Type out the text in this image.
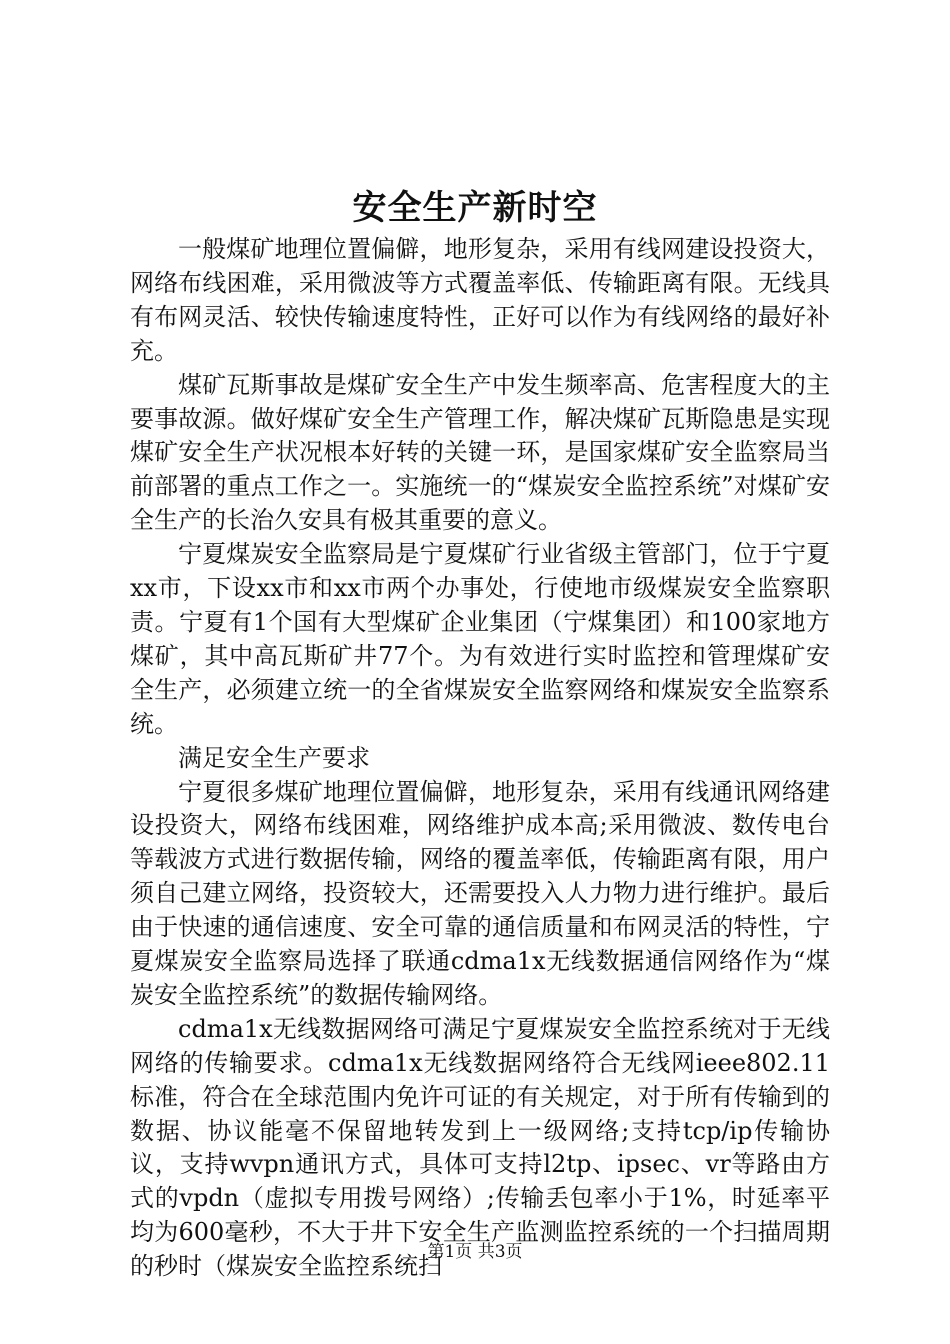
安全生产新时空

一般煤矿地理位置偏僻，地形复杂，采用有线网建设投资大，网络布线困难，采用微波等方式覆盖率低、传输距离有限。无线具有布网灵活、较快传输速度特性，正好可以作为有线网络的最好补充。

煤矿瓦斯事故是煤矿安全生产中发生频率高、危害程度大的主要事故源。做好煤矿安全生产管理工作，解决煤矿瓦斯隐患是实现煤矿安全生产状况根本好转的关键一环，是国家煤矿安全监察局当前部署的重点工作之一。实施统一的“煤炭安全监控系统”对煤矿安全生产的长治久安具有极其重要的意义。

宁夏煤炭安全监察局是宁夏煤矿行业省级主管部门，位于宁夏xx市，下设xx市和xx市两个办事处，行使地市级煤炭安全监察职责。宁夏有1个国有大型煤矿企业集团（宁煤集团）和100家地方煤矿，其中高瓦斯矿井77个。为有效进行实时监控和管理煤矿安全生产，必须建立统一的全省煤炭安全监察网络和煤炭安全监察系统。

满足安全生产要求

宁夏很多煤矿地理位置偏僻，地形复杂，采用有线通讯网络建设投资大，网络布线困难，网络维护成本高;采用微波、数传电台等载波方式进行数据传输，网络的覆盖率低，传输距离有限，用户须自己建立网络，投资较大，还需要投入人力物力进行维护。最后由于快速的通信速度、安全可靠的通信质量和布网灵活的特性，宁夏煤炭安全监察局选择了联通cdma1x无线数据通信网络作为“煤炭安全监控系统”的数据传输网络。

cdma1x无线数据网络可满足宁夏煤炭安全监控系统对于无线网络的传输要求。cdma1x无线数据网络符合无线网ieee802.11标准，符合在全球范围内免许可证的有关规定，对于所有传输到的数据、协议能毫不保留地转发到上一级网络;支持tcp/ip传输协议，支持wvpn通讯方式，具体可支持l2tp、ipsec、vr等路由方式的vpdn（虚拟专用拨号网络）;传输丢包率小于1%，时延率平均为600毫秒，不大于井下安全生产监测监控系统的一个扫描周期的秒时（煤炭安全监控系统扫

第1页 共3页
